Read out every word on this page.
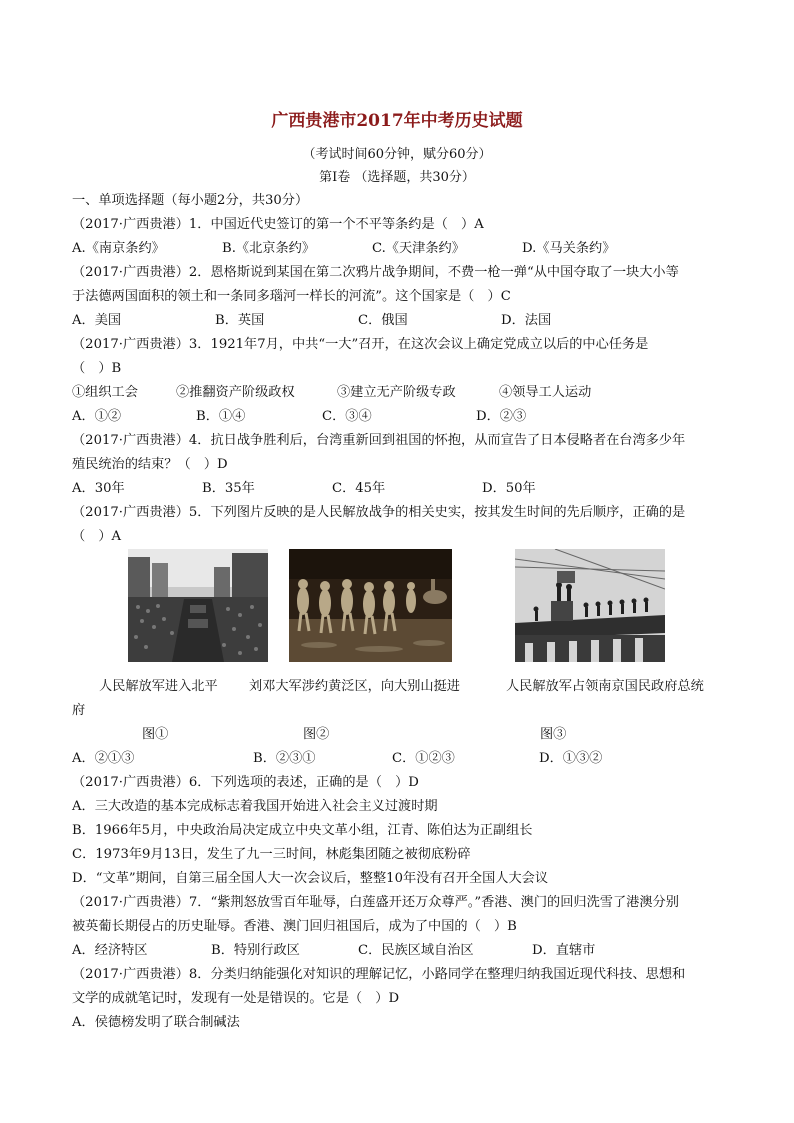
广西贵港市2017年中考历史试题
（考试时间60分钟，赋分60分）
第Ⅰ卷 （选择题，共30分）
一、单项选择题（每小题2分，共30分）
（2017·广西贵港）1．中国近代史签订的第一个不平等条约是（　）A
A.《南京条约》	B.《北京条约》	C.《天津条约》	D.《马关条约》
（2017·广西贵港）2．恩格斯说到某国在第二次鸦片战争期间，不费一枪一弹“从中国夺取了一块大小等
于法德两国面积的领土和一条同多瑙河一样长的河流”。这个国家是（　）C
A．美国	B．英国	C．俄国	D．法国
（2017·广西贵港）3．1921年7月，中共“一大”召开，在这次会议上确定党成立以后的中心任务是
（　）B
①组织工会	②推翻资产阶级政权	③建立无产阶级专政	④领导工人运动
A．①②	B．①④	C．③④	D．②③
（2017·广西贵港）4．抗日战争胜利后，台湾重新回到祖国的怀抱，从而宣告了日本侵略者在台湾多少年
殖民统治的结束？（　）D
A．30年	B．35年	C．45年	D．50年
（2017·广西贵港）5．下列图片反映的是人民解放战争的相关史实，按其发生时间的先后顺序，正确的是
（　）A
人民解放军进入北平 刘邓大军涉约黄泛区，向大别山挺进	人民解放军占领南京国民政府总统
府
图①	图②	图③
A．②①③	B．②③①	C．①②③	D．①③②
（2017·广西贵港）6．下列选项的表述，正确的是（　）D
A．三大改造的基本完成标志着我国开始进入社会主义过渡时期
B．1966年5月，中央政治局决定成立中央文革小组，江青、陈伯达为正副组长
C．1973年9月13日，发生了九一三时间，林彪集团随之被彻底粉碎
D．“文革”期间，自第三届全国人大一次会议后，整整10年没有召开全国人大会议
（2017·广西贵港）7．“紫荆怒放雪百年耻辱，白莲盛开还万众尊严。”香港、澳门的回归洗雪了港澳分别
被英葡长期侵占的历史耻辱。香港、澳门回归祖国后，成为了中国的（　）B
A．经济特区	B．特别行政区	C．民族区域自治区	D．直辖市
（2017·广西贵港）8．分类归纳能强化对知识的理解记忆，小路同学在整理归纳我国近现代科技、思想和
文学的成就笔记时，发现有一处是错误的。它是（　）D
A．侯德榜发明了联合制碱法
